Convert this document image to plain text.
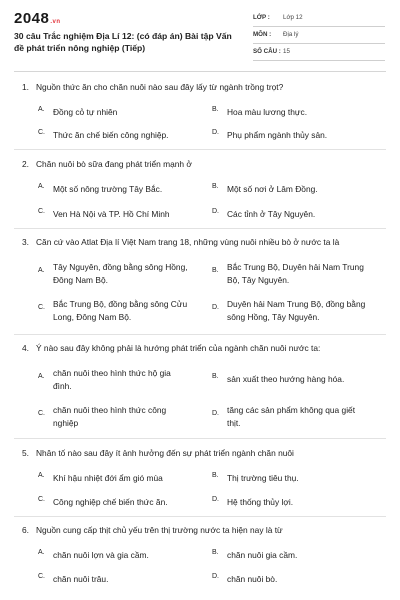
2048.vn
30 câu Trắc nghiệm Địa Lí 12: (có đáp án) Bài tập Vấn đề phát triển nông nghiệp (Tiếp)
LỚP : Lớp 12
MÔN : Địa lý
SỐ CÂU : 15
1. Nguồn thức ăn cho chăn nuôi nào sau đây lấy từ ngành trồng trọt?
A. Đồng cỏ tự nhiên	B. Hoa màu lương thực.
C. Thức ăn chế biến công nghiệp.	D. Phụ phẩm ngành thủy sản.
2. Chăn nuôi bò sữa đang phát triển mạnh ở
A. Một số nông trường Tây Bắc.	B. Một số nơi ở Lâm Đồng.
C. Ven Hà Nội và TP. Hồ Chí Minh	D. Các tỉnh ở Tây Nguyên.
3. Căn cứ vào Atlat Địa lí Việt Nam trang 18, những vùng nuôi nhiều bò ở nước ta là
A. Tây Nguyên, đồng bằng sông Hồng, Đông Nam Bộ.
B. Bắc Trung Bộ, Duyên hải Nam Trung Bộ, Tây Nguyên.
C. Bắc Trung Bộ, đồng bằng sông Cửu Long, Đông Nam Bộ.
D. Duyên hải Nam Trung Bộ, đồng bằng sông Hồng, Tây Nguyên.
4. Ý nào sau đây không phải là hướng phát triển của ngành chăn nuôi nước ta:
A. chăn nuôi theo hình thức hộ gia đình.
B. sản xuất theo hướng hàng hóa.
C. chăn nuôi theo hình thức công nghiệp
D. tăng các sản phẩm không qua giết thịt.
5. Nhân tố nào sau đây ít ảnh hưởng đến sự phát triển ngành chăn nuôi
A. Khí hậu nhiệt đới ẩm gió mùa	B. Thị trường tiêu thụ.
C. Công nghiệp chế biến thức ăn.	D. Hệ thống thủy lợi.
6. Nguồn cung cấp thịt chủ yếu trên thị trường nước ta hiện nay là từ
A. chăn nuôi lợn và gia cầm.	B. chăn nuôi gia cầm.
C. chăn nuôi trâu.	D. chăn nuôi bò.
